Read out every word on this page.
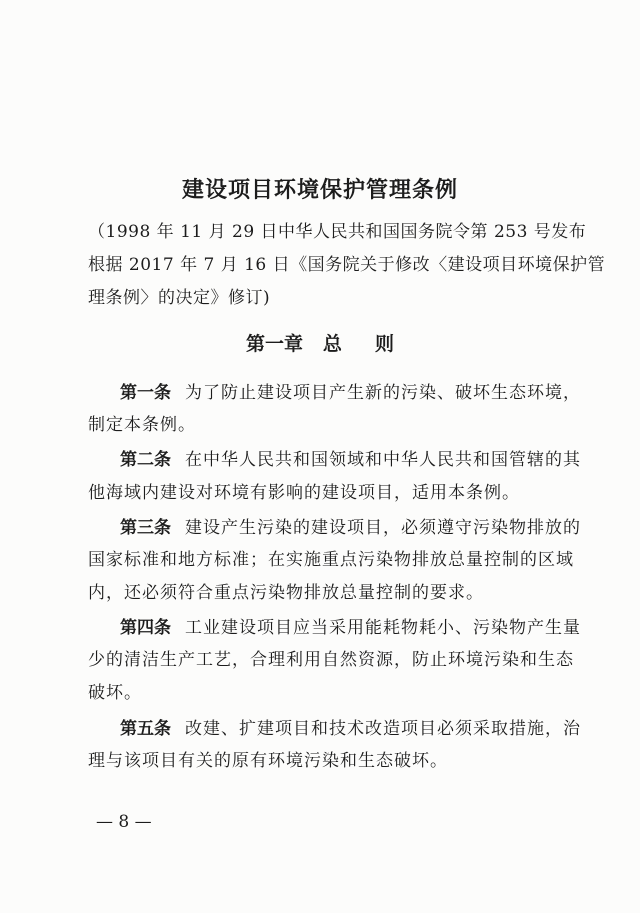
建设项目环境保护管理条例
（1998 年 11 月 29 日中华人民共和国国务院令第 253 号发布
根据 2017 年 7 月 16 日《国务院关于修改〈建设项目环境保护管
理条例〉的决定》修订)
第一章   总     则
第一条 为了防止建设项目产生新的污染、破坏生态环境，
制定本条例。
第二条 在中华人民共和国领域和中华人民共和国管辖的其
他海域内建设对环境有影响的建设项目，适用本条例。
第三条 建设产生污染的建设项目，必须遵守污染物排放的
国家标准和地方标准；在实施重点污染物排放总量控制的区域
内，还必须符合重点污染物排放总量控制的要求。
第四条 工业建设项目应当采用能耗物耗小、污染物产生量
少的清洁生产工艺，合理利用自然资源，防止环境污染和生态
破坏。
第五条 改建、扩建项目和技术改造项目必须采取措施，治
理与该项目有关的原有环境污染和生态破坏。
— 8 —
